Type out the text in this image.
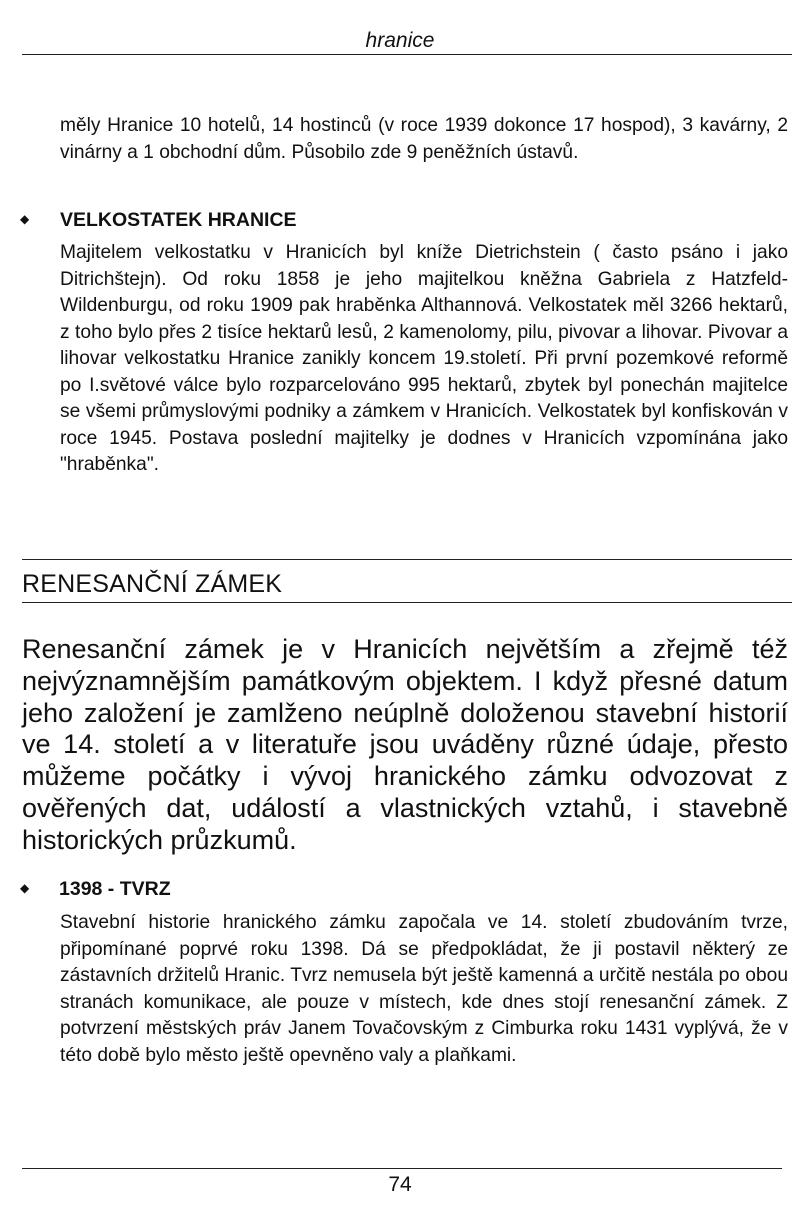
hranice

měly Hranice 10 hotelů, 14 hostinců (v roce 1939 dokonce 17 hospod), 3 kavárny, 2 vinárny a 1 obchodní dům. Působilo zde 9 peněžních ústavů.

◆ VELKOSTATEK HRANICE

Majitelem velkostatku v Hranicích byl kníže Dietrichstein ( často psáno i jako Ditrichštejn). Od roku 1858 je jeho majitelkou kněžna Gabriela z Hatzfeld-Wildenburgu, od roku 1909 pak hraběnka Althannová. Velkostatek měl 3266 hektarů, z toho bylo přes 2 tisíce hektarů lesů, 2 kamenolomy, pilu, pivovar a lihovar. Pivovar a lihovar velkostatku Hranice zanikly koncem 19.století. Při první pozemkové reformě po I.světové válce bylo rozparcelováno 995 hektarů, zbytek byl ponechán majitelce se všemi průmyslovými podniky a zámkem v Hranicích. Velkostatek byl konfiskován v roce 1945. Postava poslední majitelky je dodnes v Hranicích vzpomínána jako "hraběnka".

RENESANČNÍ ZÁMEK

Renesanční zámek je v Hranicích největším a zřejmě též nejvýznamnějším památkovým objektem. I když přesné datum jeho založení je zamlženo neúplně doloženou stavební historií ve 14. století a v literatuře jsou uváděny různé údaje, přesto můžeme počátky i vývoj hranického zámku odvozovat z ověřených dat, událostí a vlastnických vztahů, i stavebně historických průzkumů.

◆ 1398 - TVRZ

Stavební historie hranického zámku započala ve 14. století zbudováním tvrze, připomínané poprvé roku 1398. Dá se předpokládat, že ji postavil některý ze zástavních držitelů Hranic. Tvrz nemusela být ještě kamenná a určitě nestála po obou stranách komunikace, ale pouze v místech, kde dnes stojí renesanční zámek. Z potvrzení městských práv Janem Tovačovským z Cimburka roku 1431 vyplývá, že v této době bylo město ještě opevněno valy a plaňkami.

74
